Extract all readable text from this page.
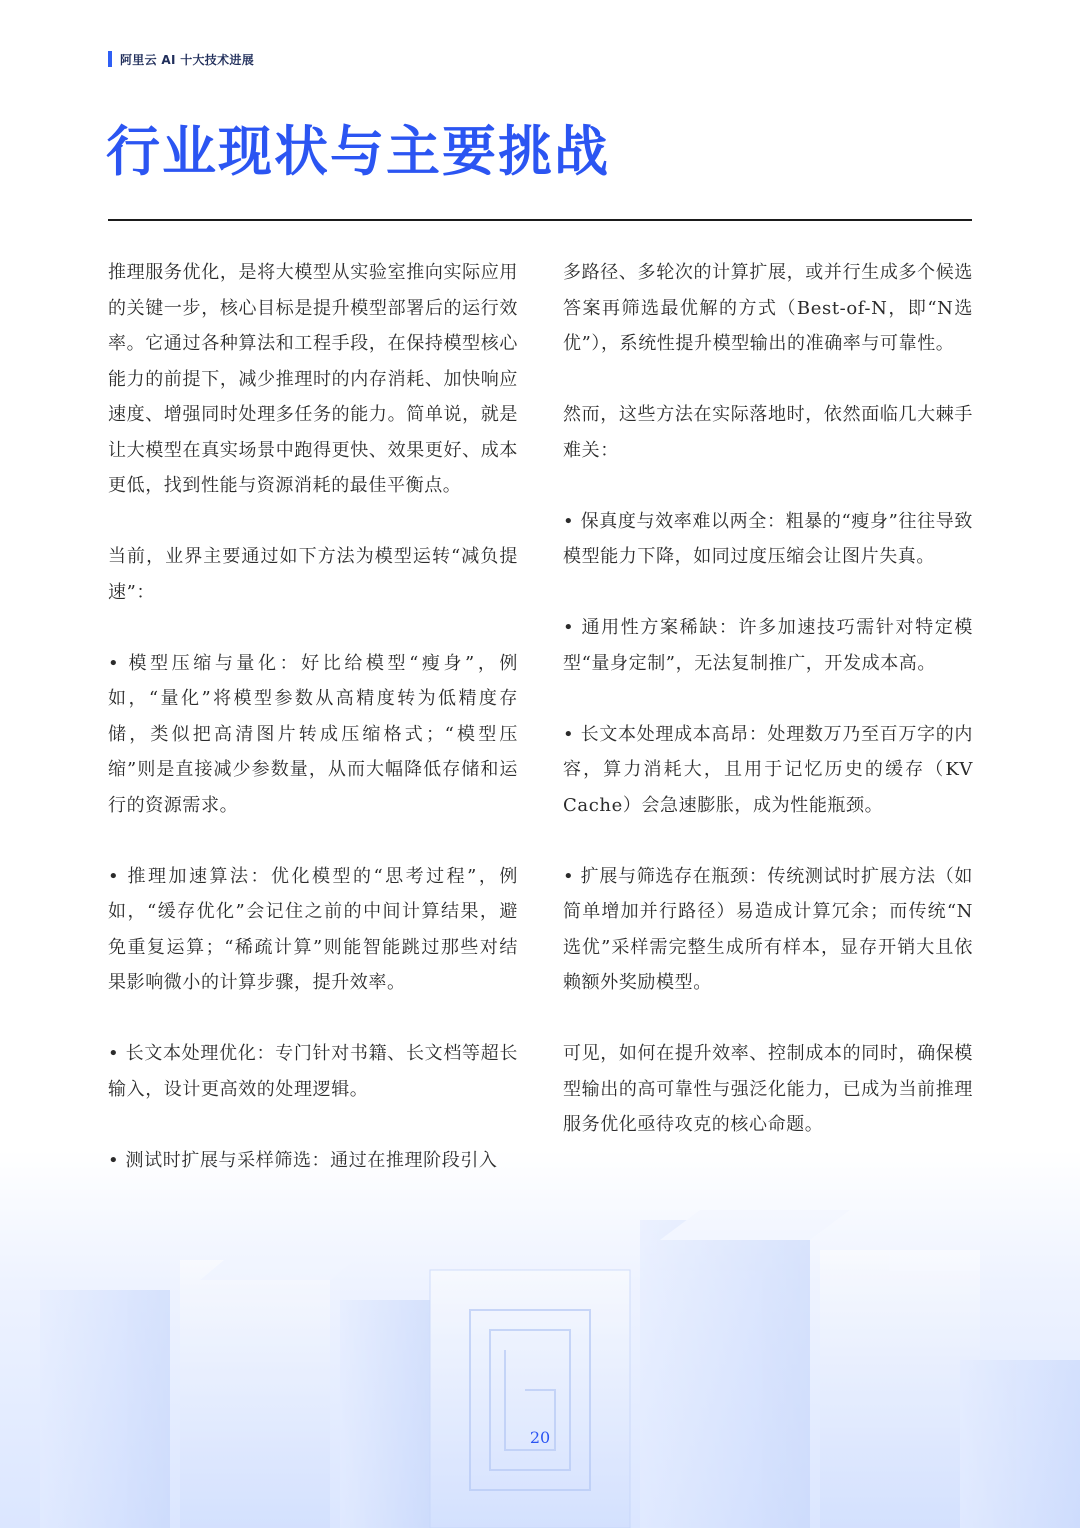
阿里云 AI 十大技术进展
行业现状与主要挑战

推理服务优化，是将大模型从实验室推向实际应用的关键一步，核心目标是提升模型部署后的运行效率。它通过各种算法和工程手段，在保持模型核心能力的前提下，减少推理时的内存消耗、加快响应速度、增强同时处理多任务的能力。简单说，就是让大模型在真实场景中跑得更快、效果更好、成本更低，找到性能与资源消耗的最佳平衡点。

当前，业界主要通过如下方法为模型运转“减负提速”：

• 模型压缩与量化：好比给模型“瘦身”，例如，“量化”将模型参数从高精度转为低精度存储，类似把高清图片转成压缩格式；“模型压缩”则是直接减少参数量，从而大幅降低存储和运行的资源需求。

• 推理加速算法：优化模型的“思考过程”，例如，“缓存优化”会记住之前的中间计算结果，避免重复运算；“稀疏计算”则能智能跳过那些对结果影响微小的计算步骤，提升效率。

• 长文本处理优化：专门针对书籍、长文档等超长输入，设计更高效的处理逻辑。

• 测试时扩展与采样筛选：通过在推理阶段引入

多路径、多轮次的计算扩展，或并行生成多个候选答案再筛选最优解的方式（Best-of-N，即“N选优”），系统性提升模型输出的准确率与可靠性。

然而，这些方法在实际落地时，依然面临几大棘手难关：

• 保真度与效率难以两全：粗暴的“瘦身”往往导致模型能力下降，如同过度压缩会让图片失真。

• 通用性方案稀缺：许多加速技巧需针对特定模型“量身定制”，无法复制推广，开发成本高。

• 长文本处理成本高昂：处理数万乃至百万字的内容，算力消耗大，且用于记忆历史的缓存（KV Cache）会急速膨胀，成为性能瓶颈。

• 扩展与筛选存在瓶颈：传统测试时扩展方法（如简单增加并行路径）易造成计算冗余；而传统“N选优”采样需完整生成所有样本，显存开销大且依赖额外奖励模型。

可见，如何在提升效率、控制成本的同时，确保模型输出的高可靠性与强泛化能力，已成为当前推理服务优化亟待攻克的核心命题。

20
